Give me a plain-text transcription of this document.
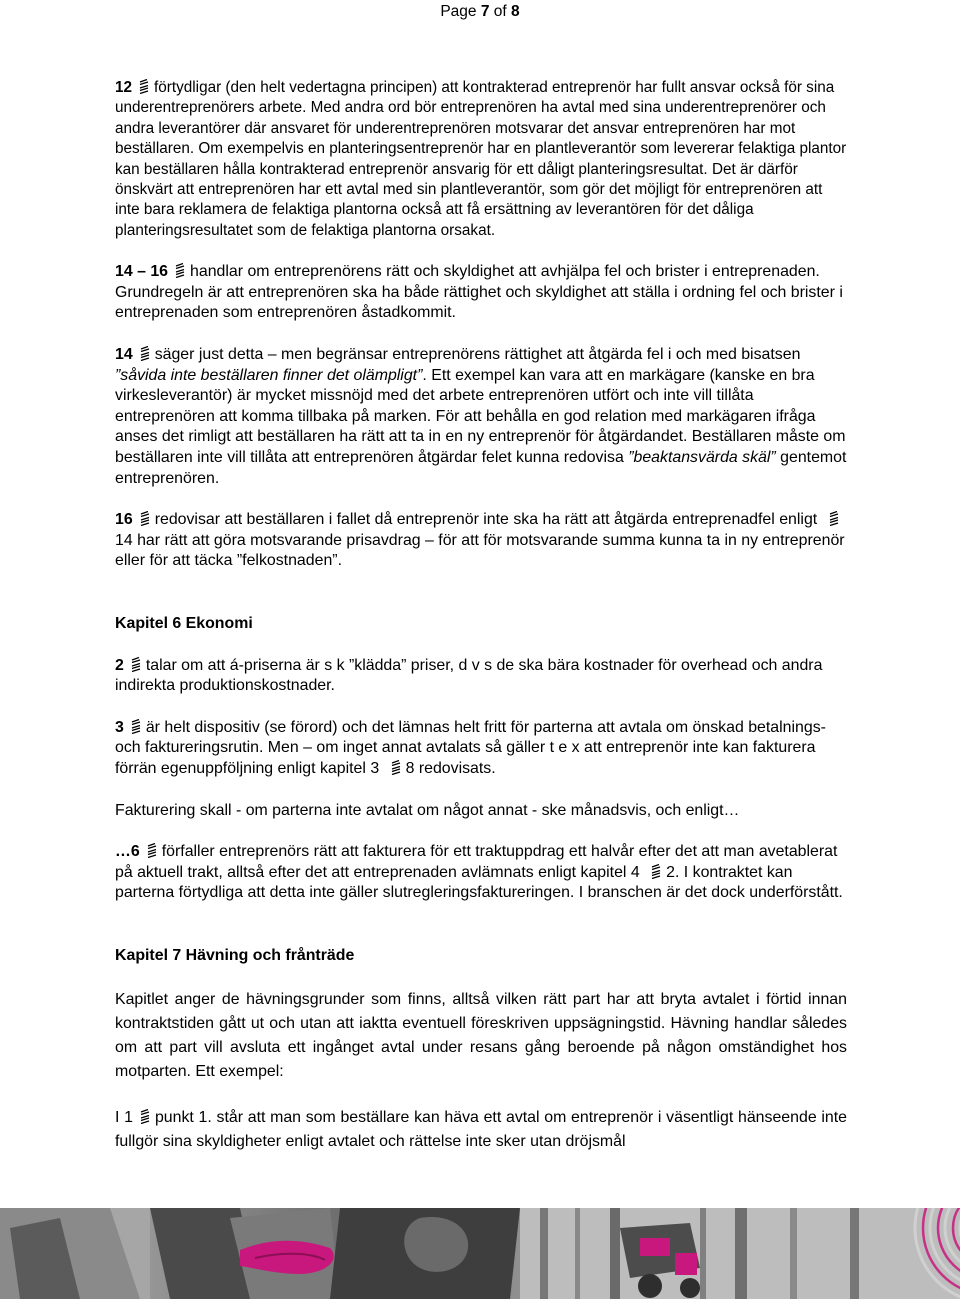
Page 7 of 8

12 förtydligar (den helt vedertagna principen) att kontrakterad entreprenör har fullt ansvar också för sina underentreprenörers arbete. Med andra ord bör entreprenören ha avtal med sina underentreprenörer och andra leverantörer där ansvaret för underentreprenören motsvarar det ansvar entreprenören har mot beställaren. Om exempelvis en planteringsentreprenör har en plantleverantör som levererar felaktiga plantor kan beställaren hålla kontrakterad entreprenör ansvarig för ett dåligt planteringsresultat. Det är därför önskvärt att entreprenören har ett avtal med sin plantleverantör, som gör det möjligt för entreprenören att inte bara reklamera de felaktiga plantorna också att få ersättning av leverantören för det dåliga planteringsresultatet som de felaktiga plantorna orsakat.

14 – 16 handlar om entreprenörens rätt och skyldighet att avhjälpa fel och brister i entreprenaden. Grundregeln är att entreprenören ska ha både rättighet och skyldighet att ställa i ordning fel och brister i entreprenaden som entreprenören åstadkommit.

14 säger just detta – men begränsar entreprenörens rättighet att åtgärda fel i och med bisatsen ”såvida inte beställaren finner det olämpligt”. Ett exempel kan vara att en markägare (kanske en bra virkesleverantör) är mycket missnöjd med det arbete entreprenören utfört och inte vill tillåta entreprenören att komma tillbaka på marken. För att behålla en god relation med markägaren ifråga anses det rimligt att beställaren ha rätt att ta in en ny entreprenör för åtgärdandet. Beställaren måste om beställaren inte vill tillåta att entreprenören åtgärdar felet kunna redovisa ”beaktansvärda skäl” gentemot entreprenören.

16 redovisar att beställaren i fallet då entreprenör inte ska ha rätt att åtgärda entreprenadfel enligt
14 har rätt att göra motsvarande prisavdrag – för att för motsvarande summa kunna ta in ny entreprenör eller för att täcka ”felkostnaden”.

Kapitel 6 Ekonomi

2 talar om att á-priserna är s k ”klädda” priser, d v s de ska bära kostnader för overhead och andra indirekta produktionskostnader.

3 är helt dispositiv (se förord) och det lämnas helt fritt för parterna att avtala om önskad betalnings- och faktureringsrutin. Men – om inget annat avtalats så gäller t e x att entreprenör inte kan fakturera förrän egenuppföljning enligt kapitel 3
8 redovisats.

Fakturering skall - om parterna inte avtalat om något annat - ske månadsvis, och enligt…

…6 förfaller entreprenörs rätt att fakturera för ett traktuppdrag ett halvår efter det att man avetablerat på aktuell trakt, alltså efter det att entreprenaden avlämnats enligt kapitel 4
2. I kontraktet kan parterna förtydliga att detta inte gäller slutregleringsfaktureringen. I branschen är det dock underförstått.

Kapitel 7 Hävning och frånträde

Kapitlet anger de hävningsgrunder som finns, alltså vilken rätt part har att bryta avtalet i förtid innan kontraktstiden gått ut och utan att iaktta eventuell föreskriven uppsägningstid. Hävning handlar således om att part vill avsluta ett ingånget avtal under resans gång beroende på någon omständighet hos motparten. Ett exempel:

I 1 punkt 1. står att man som beställare kan häva ett avtal om entreprenör i väsentligt hänseende inte fullgör sina skyldigheter enligt avtalet och rättelse inte sker utan dröjsmål
